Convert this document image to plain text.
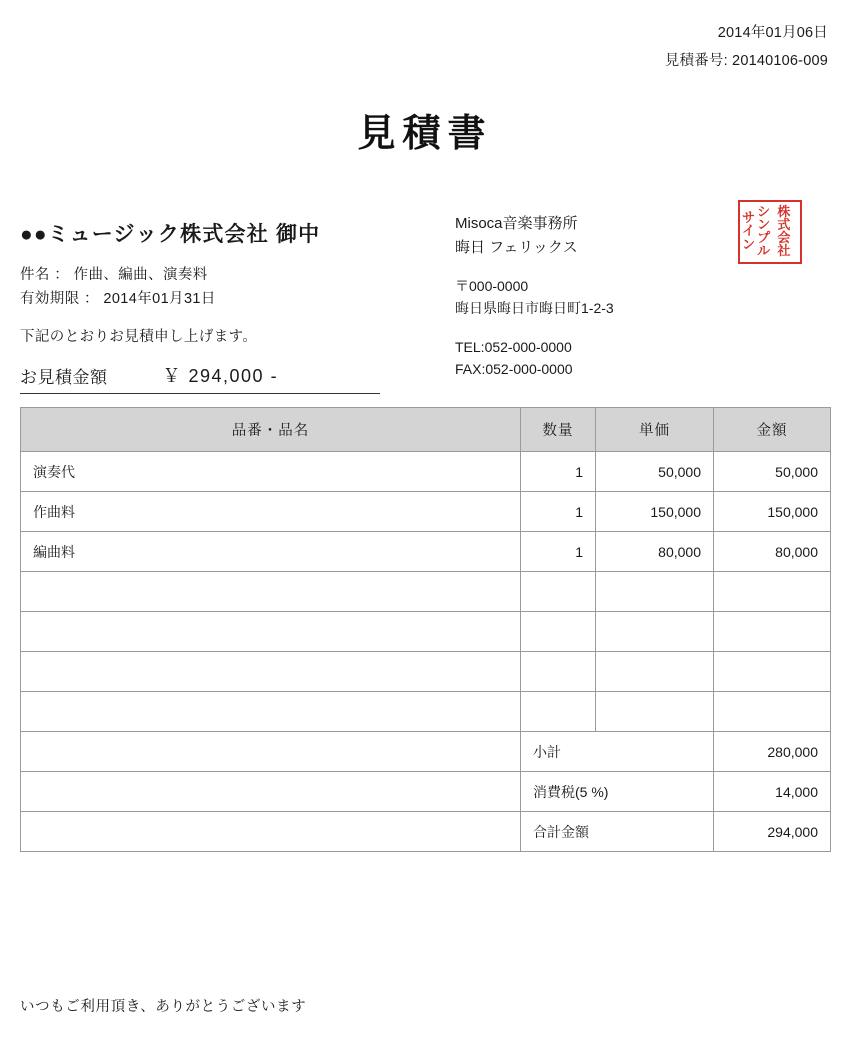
2014年01月06日
見積番号: 20140106-009
見積書
●●ミュージック株式会社 御中
件名 ： 作曲、編曲、演奏料
有効期限 ： 2014年01月31日
下記のとおりお見積申し上げます。
お見積金額	￥ 294,000 -
Misoca音楽事務所
晦日 フェリックス
〒000-0000
晦日県晦日市晦日町1-2-3
TEL:052-000-0000
FAX:052-000-0000
株式会社
シンプル
サイン
品番・品名	数量	単価	金額
演奏代	1	50,000	50,000
作曲料	1	150,000	150,000
編曲料	1	80,000	80,000

	小計		280,000
	消費税(5 %)		14,000
	合計金額		294,000
いつもご利用頂き、ありがとうございます
